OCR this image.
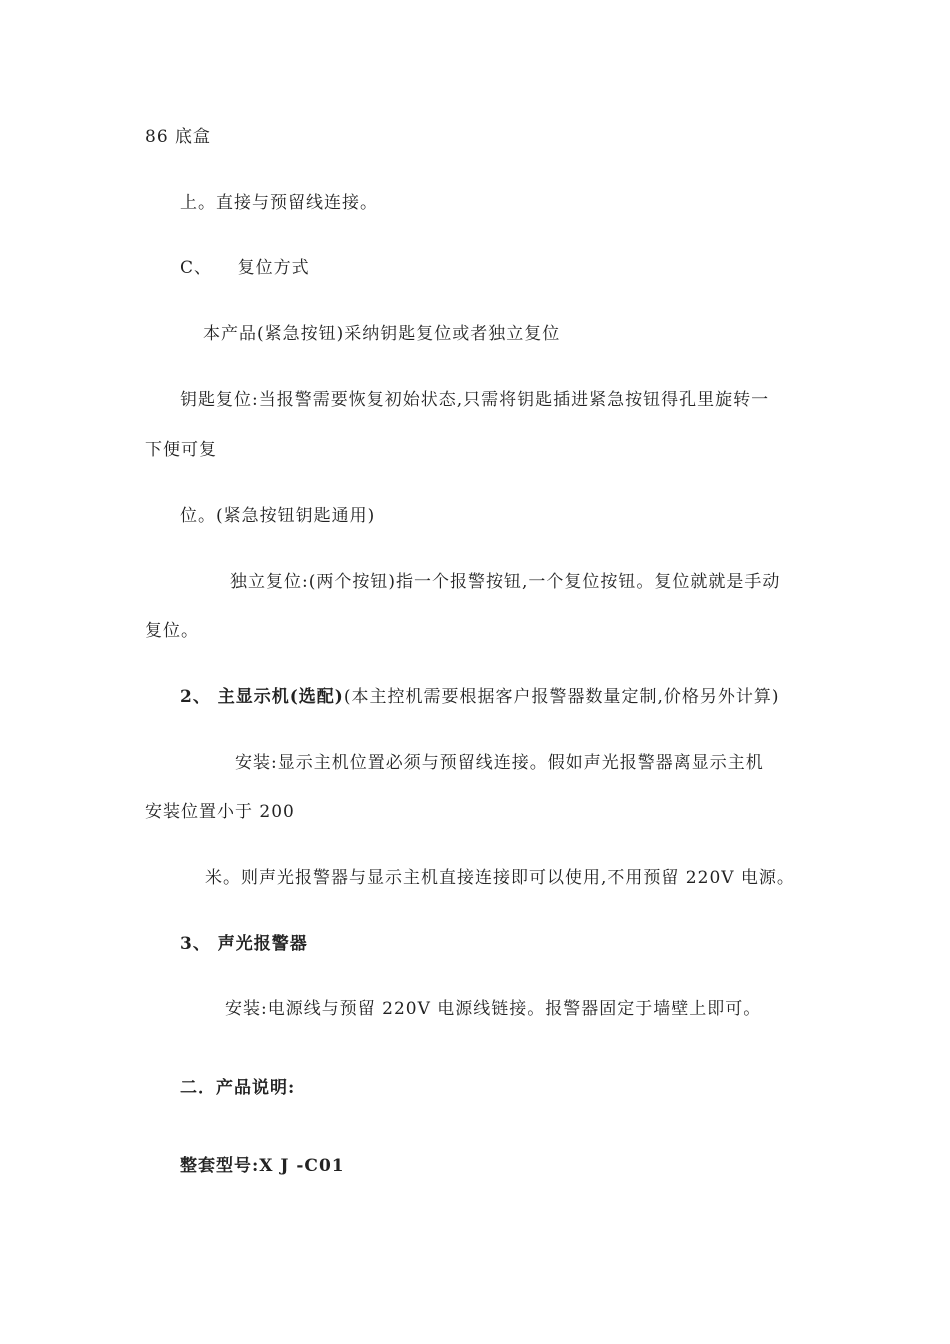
86 底盒
上。直接与预留线连接。
C、    复位方式
本产品(紧急按钮)采纳钥匙复位或者独立复位
钥匙复位:当报警需要恢复初始状态,只需将钥匙插进紧急按钮得孔里旋转一
下便可复
位。(紧急按钮钥匙通用)
独立复位:(两个按钮)指一个报警按钮,一个复位按钮。复位就就是手动
复位。
2、 主显示机(选配)(本主控机需要根据客户报警器数量定制,价格另外计算)
安装:显示主机位置必须与预留线连接。假如声光报警器离显示主机
安装位置小于 200
米。则声光报警器与显示主机直接连接即可以使用,不用预留 220V 电源。
3、 声光报警器
安装:电源线与预留 220V 电源线链接。报警器固定于墙壁上即可。
二．产品说明:
整套型号:X J -C01
